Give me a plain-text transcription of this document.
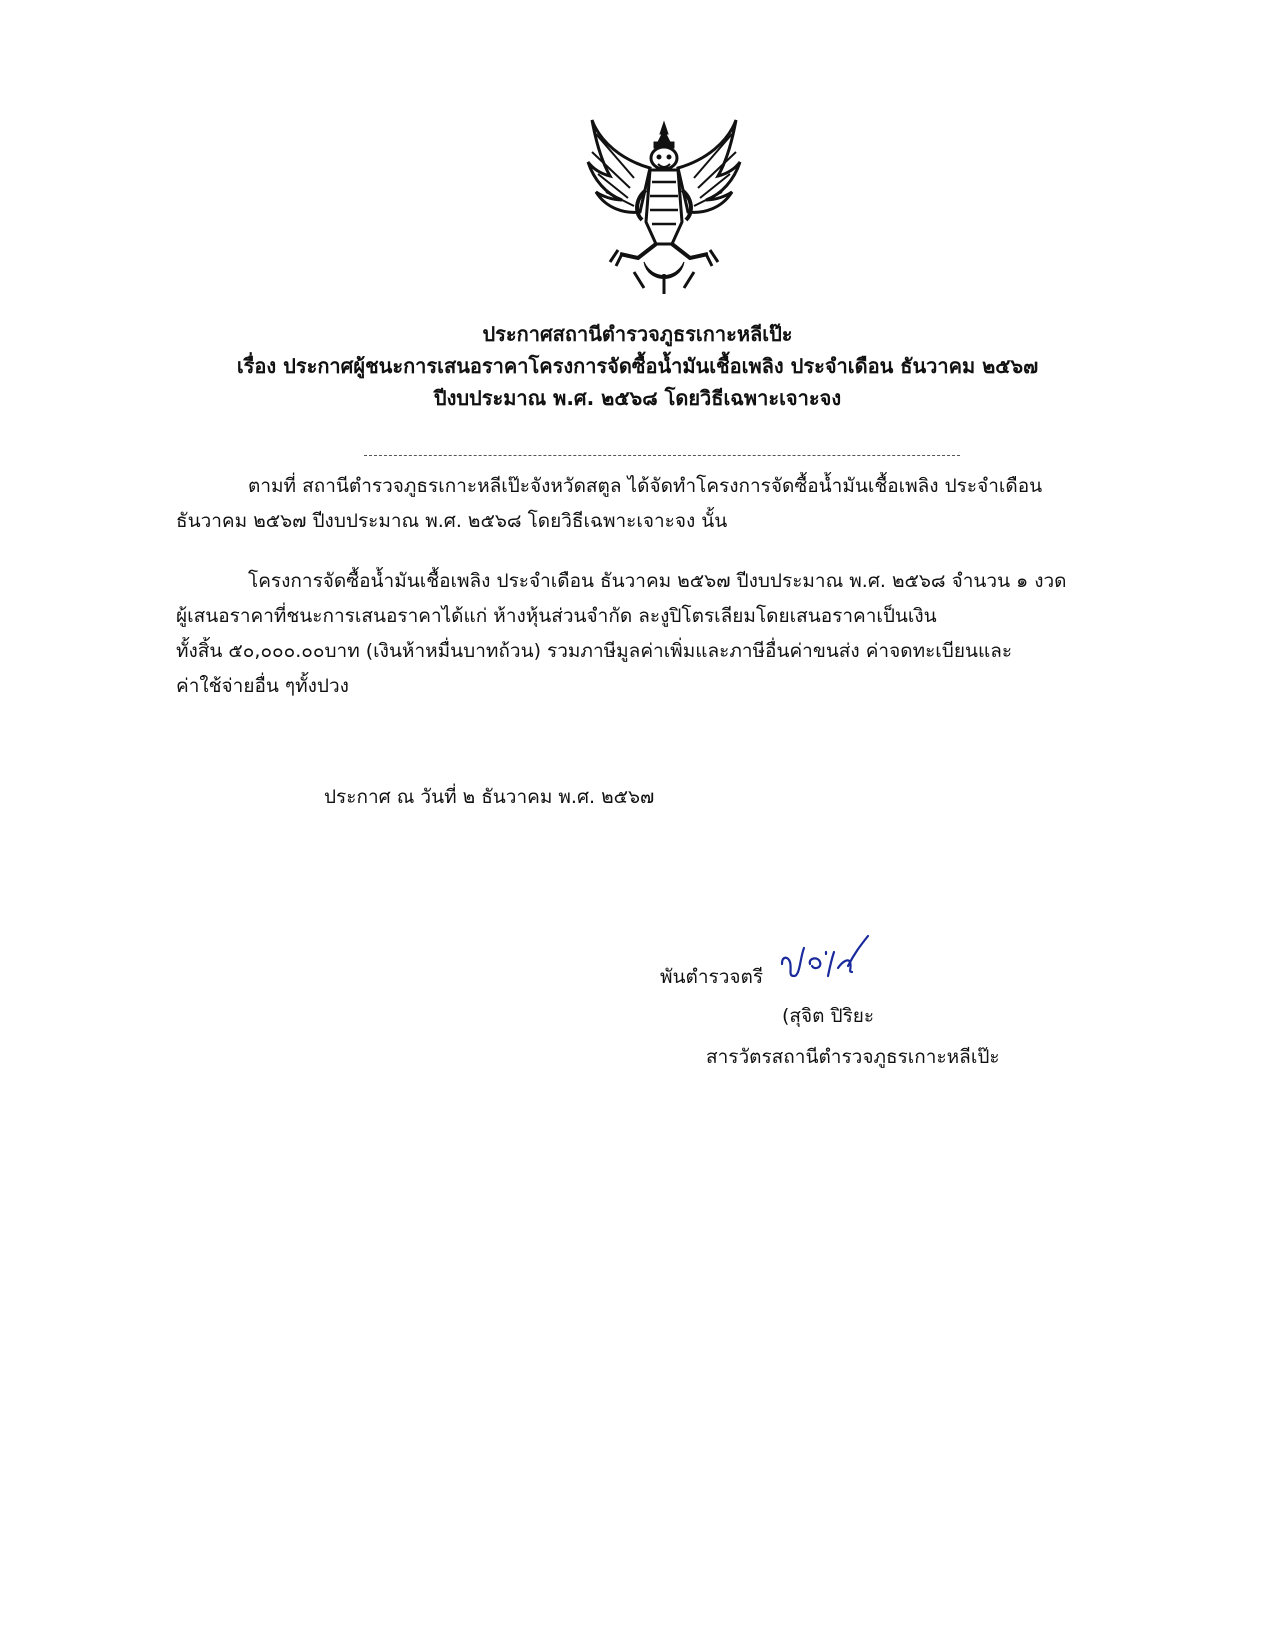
ประกาศสถานีตำรวจภูธรเกาะหลีเป๊ะ
เรื่อง ประกาศผู้ชนะการเสนอราคาโครงการจัดซื้อน้ำมันเชื้อเพลิง ประจำเดือน ธันวาคม ๒๕๖๗
ปีงบประมาณ พ.ศ. ๒๕๖๘ โดยวิธีเฉพาะเจาะจง
ตามที่ สถานีตำรวจภูธรเกาะหลีเป๊ะจังหวัดสตูล ได้จัดทำโครงการจัดซื้อน้ำมันเชื้อเพลิง ประจำเดือน
ธันวาคม ๒๕๖๗ ปีงบประมาณ พ.ศ. ๒๕๖๘ โดยวิธีเฉพาะเจาะจง นั้น
โครงการจัดซื้อน้ำมันเชื้อเพลิง ประจำเดือน ธันวาคม ๒๕๖๗ ปีงบประมาณ พ.ศ. ๒๕๖๘ จำนวน ๑ งวด
ผู้เสนอราคาที่ชนะการเสนอราคาได้แก่ ห้างหุ้นส่วนจำกัด ละงูปิโตรเลียมโดยเสนอราคาเป็นเงิน
ทั้งสิ้น ๕๐,๐๐๐.๐๐บาท (เงินห้าหมื่นบาทถ้วน) รวมภาษีมูลค่าเพิ่มและภาษีอื่นค่าขนส่ง ค่าจดทะเบียนและ
ค่าใช้จ่ายอื่น ๆทั้งปวง
ประกาศ ณ วันที่ ๒ ธันวาคม พ.ศ. ๒๕๖๗
พันตำรวจตรี
(สุจิต ปิริยะ
สารวัตรสถานีตำรวจภูธรเกาะหลีเป๊ะ
